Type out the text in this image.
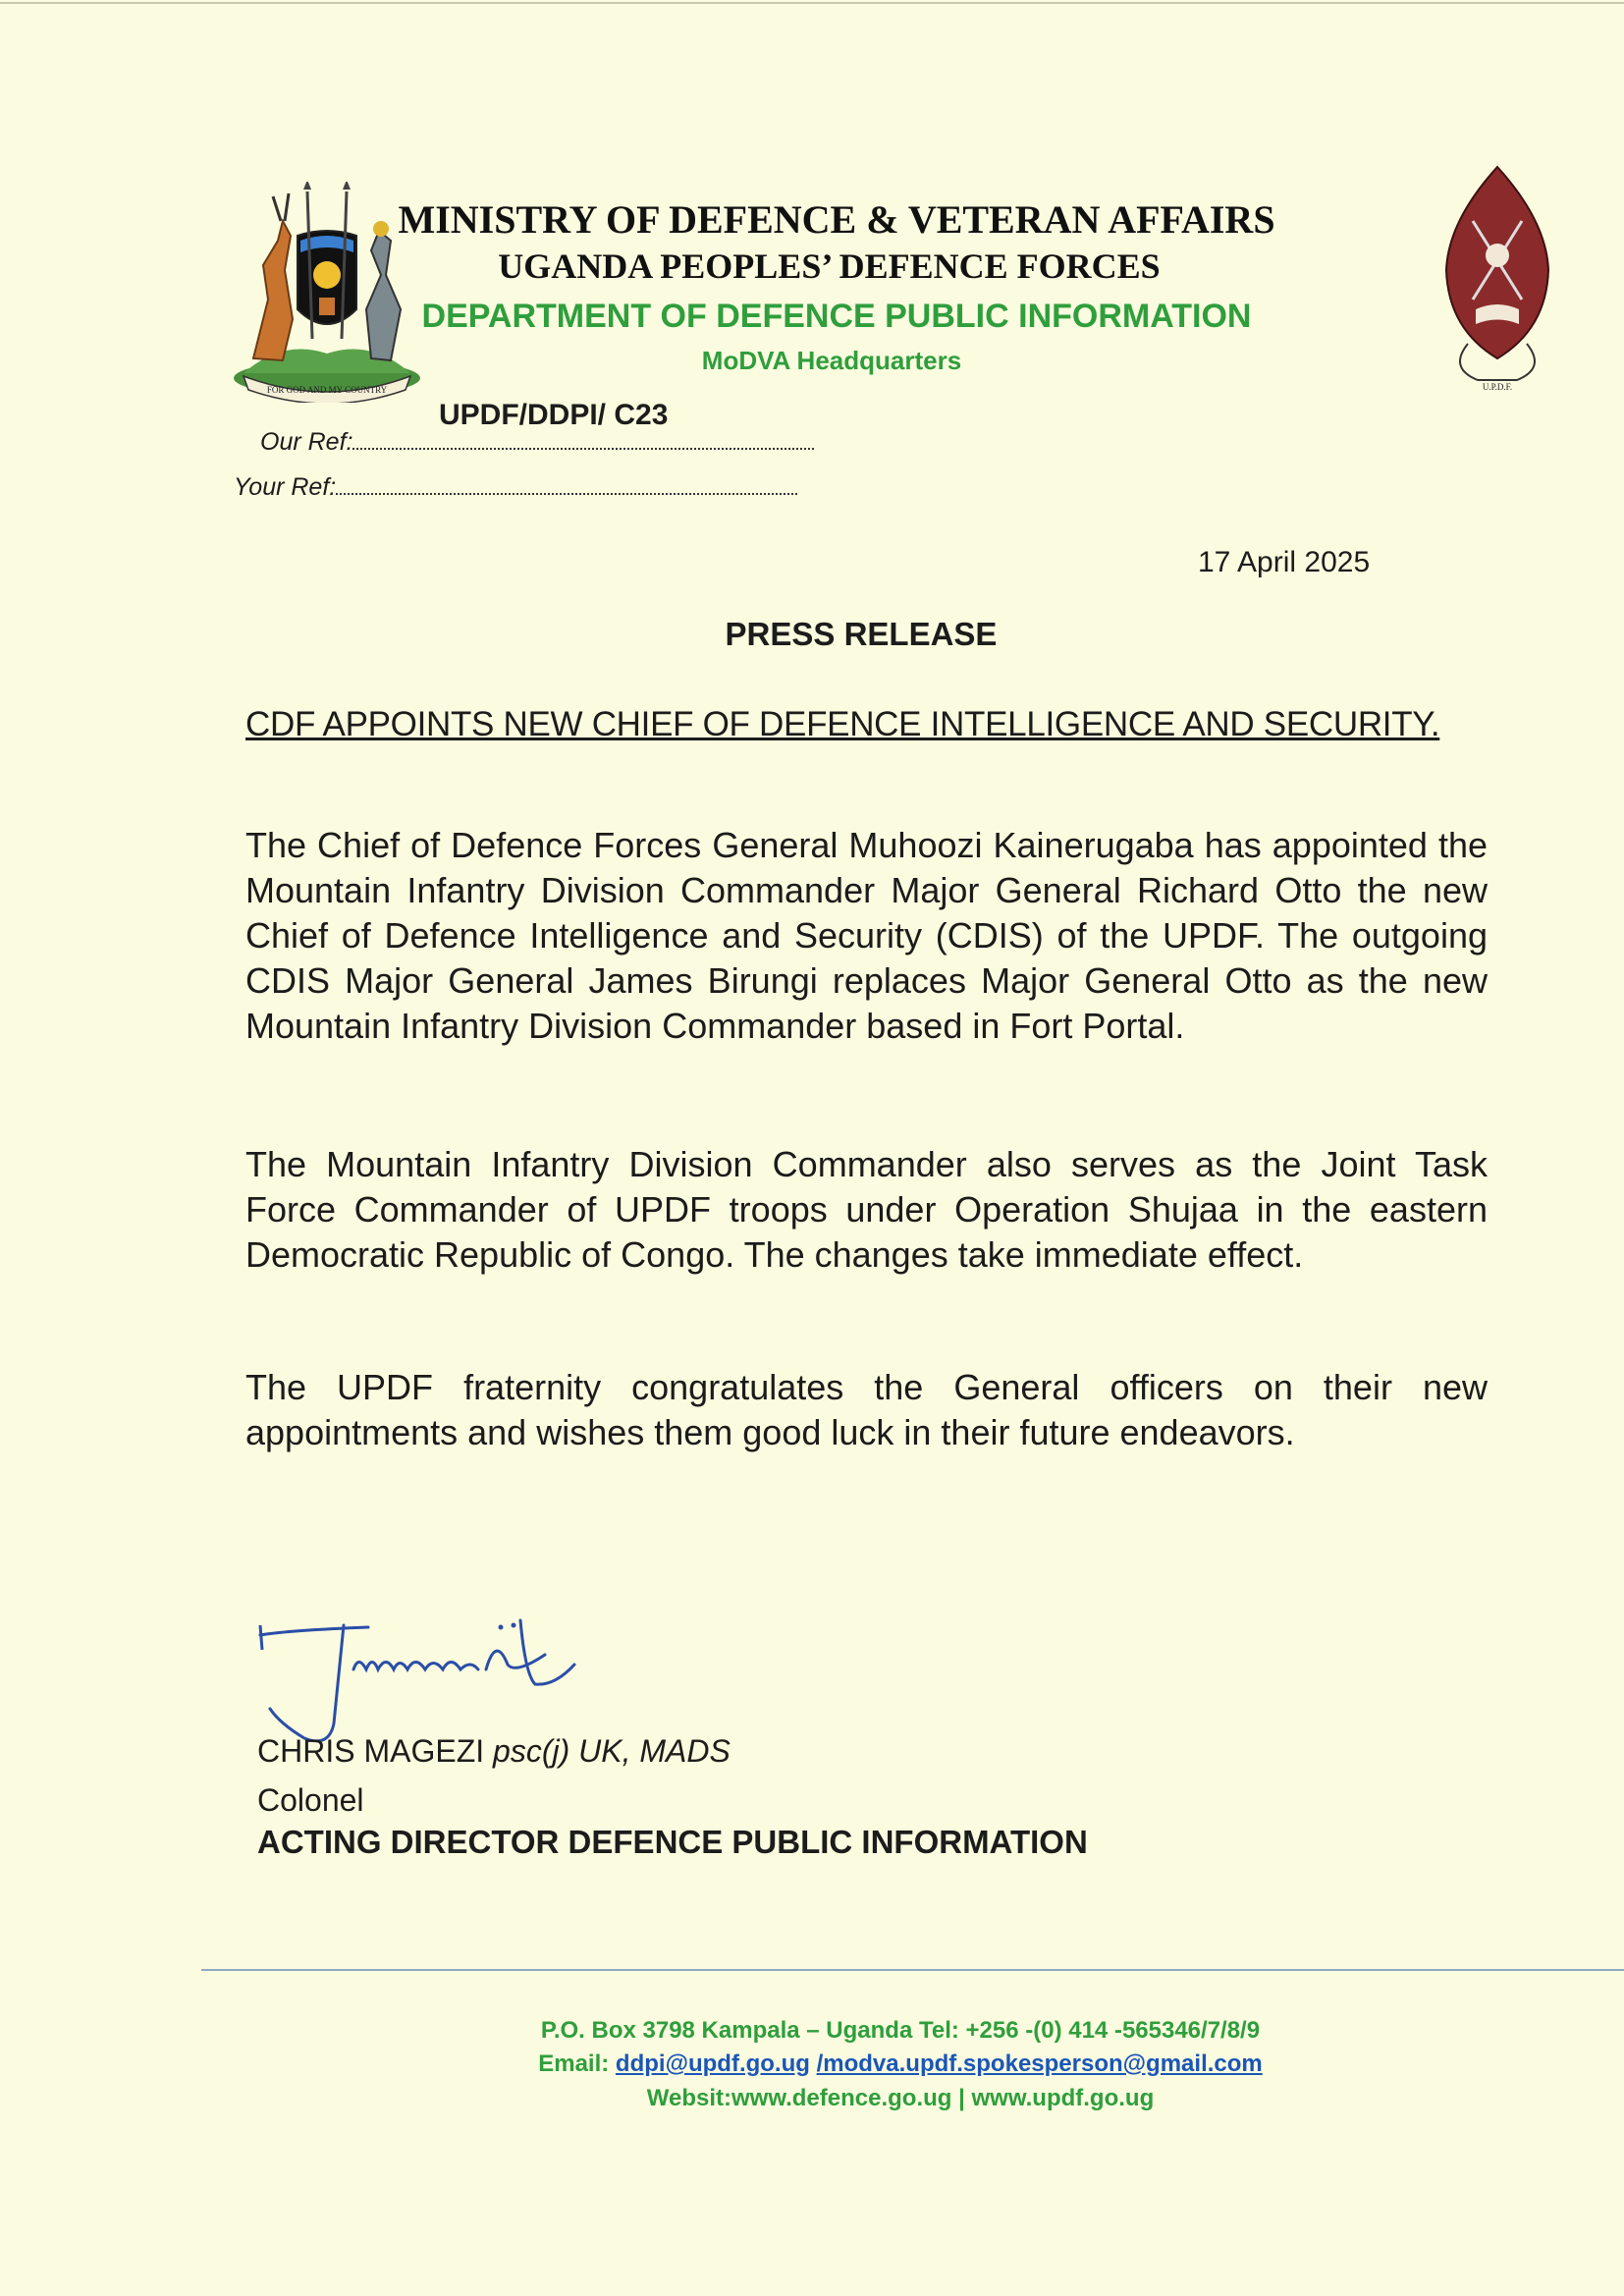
FOR GOD AND MY COUNTRY
MINISTRY OF DEFENCE & VETERAN AFFAIRS
UGANDA PEOPLES’ DEFENCE FORCES
DEPARTMENT OF DEFENCE PUBLIC INFORMATION
MoDVA Headquarters
U.P.D.F.
UPDF/DDPI/ C23
Our Ref:
Your Ref:
17 April 2025
PRESS RELEASE
CDF APPOINTS NEW CHIEF OF DEFENCE INTELLIGENCE AND SECURITY.
The Chief of Defence Forces General Muhoozi Kainerugaba has appointed the Mountain Infantry Division Commander Major General Richard Otto the new Chief of Defence Intelligence and Security (CDIS) of the UPDF. The outgoing CDIS Major General James Birungi replaces Major General Otto as the new Mountain Infantry Division Commander based in Fort Portal.
The Mountain Infantry Division Commander also serves as the Joint Task Force Commander of UPDF troops under Operation Shujaa in the eastern Democratic Republic of Congo. The changes take immediate effect.
The UPDF fraternity congratulates the General officers on their new appointments and wishes them good luck in their future endeavors.
CHRIS MAGEZI psc(j) UK, MADS
Colonel
ACTING DIRECTOR DEFENCE PUBLIC INFORMATION
P.O. Box 3798 Kampala – Uganda Tel: +256 -(0) 414 -565346/7/8/9
Email: ddpi@updf.go.ug /modva.updf.spokesperson@gmail.com
Websit:www.defence.go.ug | www.updf.go.ug
